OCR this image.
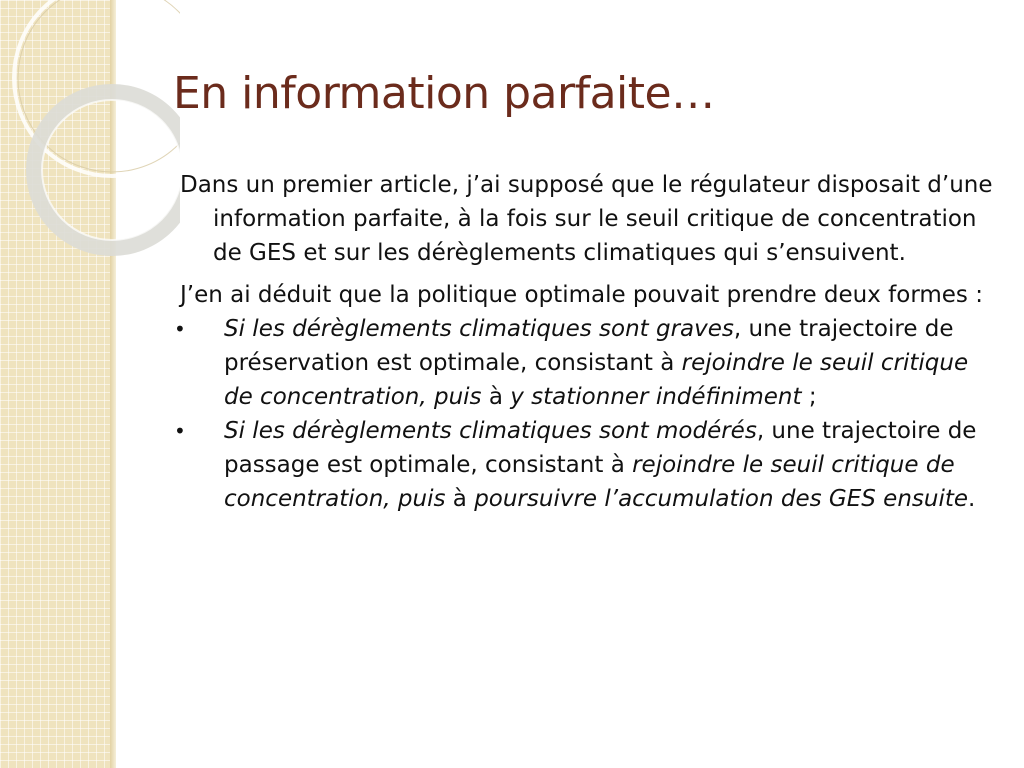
En information parfaite…

Dans un premier article, j’ai supposé que le régulateur disposait d’une information parfaite, à la fois sur le seuil critique de concentration de GES et sur les dérèglements climatiques qui s’ensuivent.

J’en ai déduit que la politique optimale pouvait prendre deux formes :

• Si les dérèglements climatiques sont graves, une trajectoire de préservation est optimale, consistant à rejoindre le seuil critique de concentration, puis à y stationner indéfiniment ;
• Si les dérèglements climatiques sont modérés, une trajectoire de passage est optimale, consistant à rejoindre le seuil critique de concentration, puis à poursuivre l’accumulation des GES ensuite.
